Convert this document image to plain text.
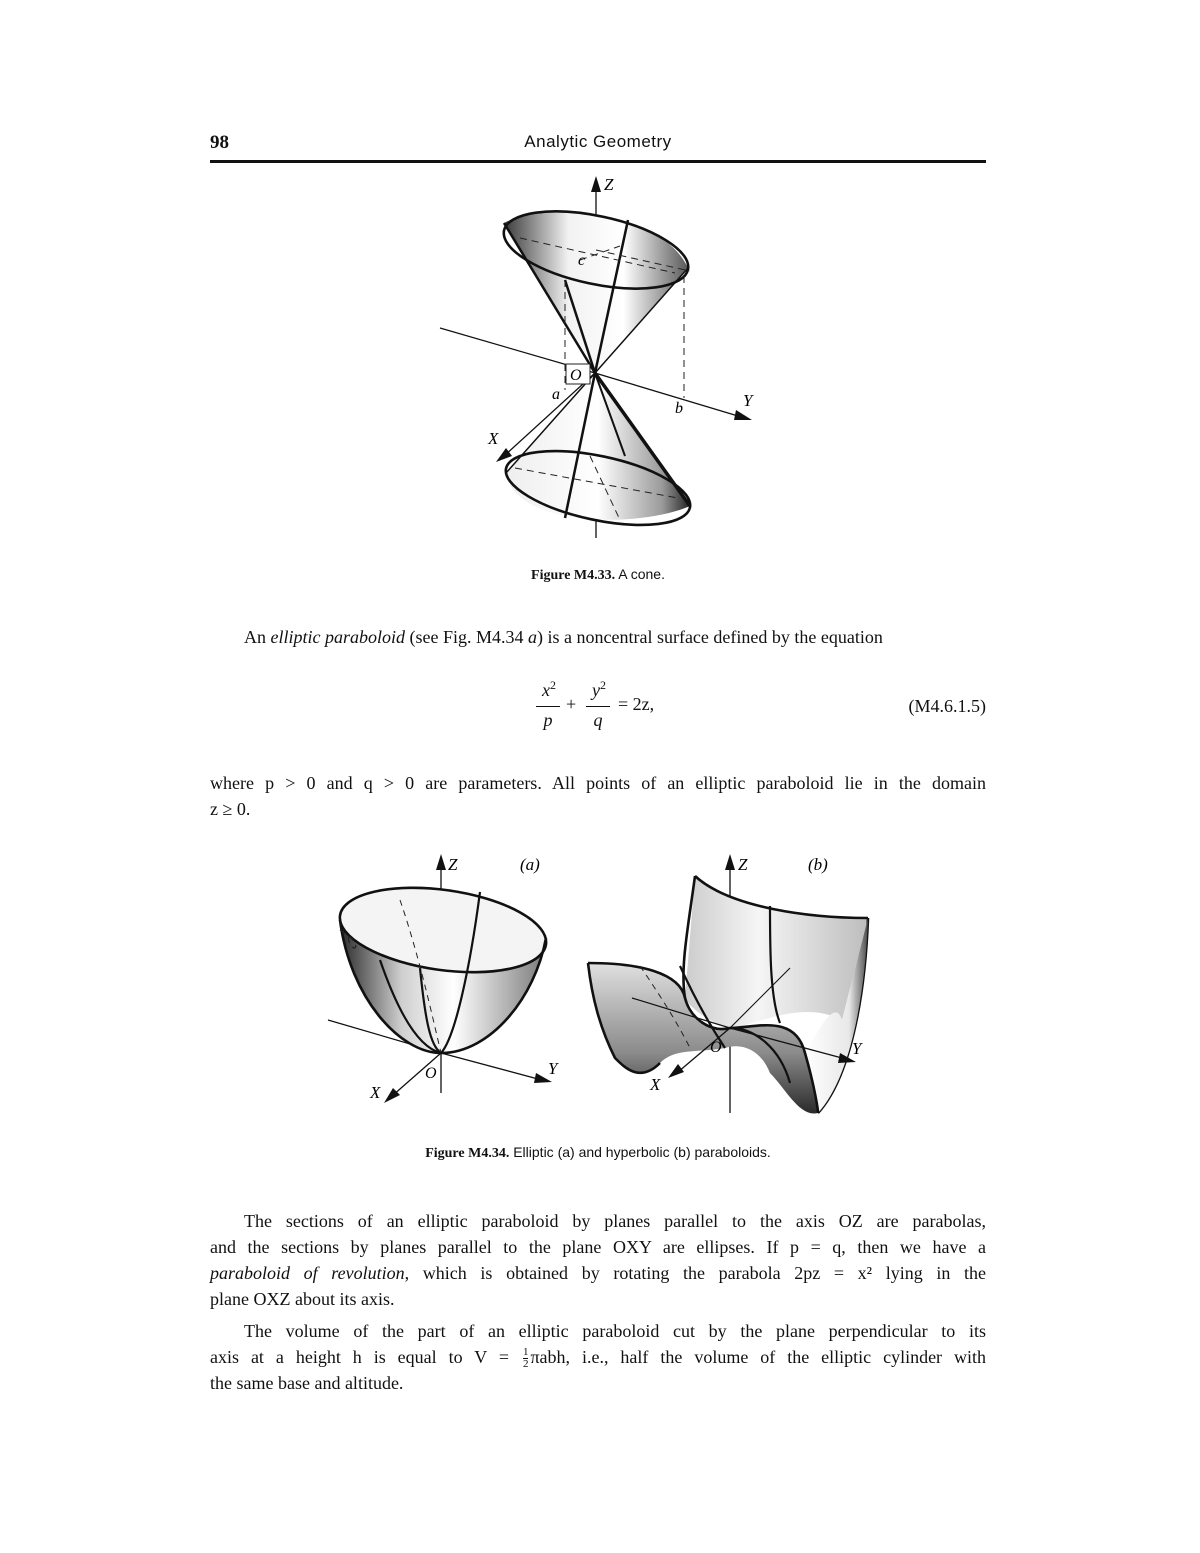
98	Analytic Geometry
O
Z
Y
X
a
b
c
Figure M4.33. A cone.
An elliptic paraboloid (see Fig. M4.34 a) is a noncentral surface defined by the equation
$x^2$
p
+
$y^2$
q
= 2z,	(M4.6.1.5)
where p > 0 and q > 0 are parameters. All points of an elliptic paraboloid lie in the domain
z ≥ 0.
Z
O	Y
X
(a)	Z
O	Y
X
(b)
Figure M4.34. Elliptic (a) and hyperbolic (b) paraboloids.
The sections of an elliptic paraboloid by planes parallel to the axis OZ are parabolas,
and the sections by planes parallel to the plane OXY are ellipses. If p = q, then we have a
paraboloid of revolution, which is obtained by rotating the parabola 2pz = x² lying in the
plane OXZ about its axis.
The volume of the part of an elliptic paraboloid cut by the plane perpendicular to its
axis at a height h is equal to $V = \frac{1}{2} \pi abh$, i.e., half the volume of the elliptic cylinder with
the same base and altitude.
